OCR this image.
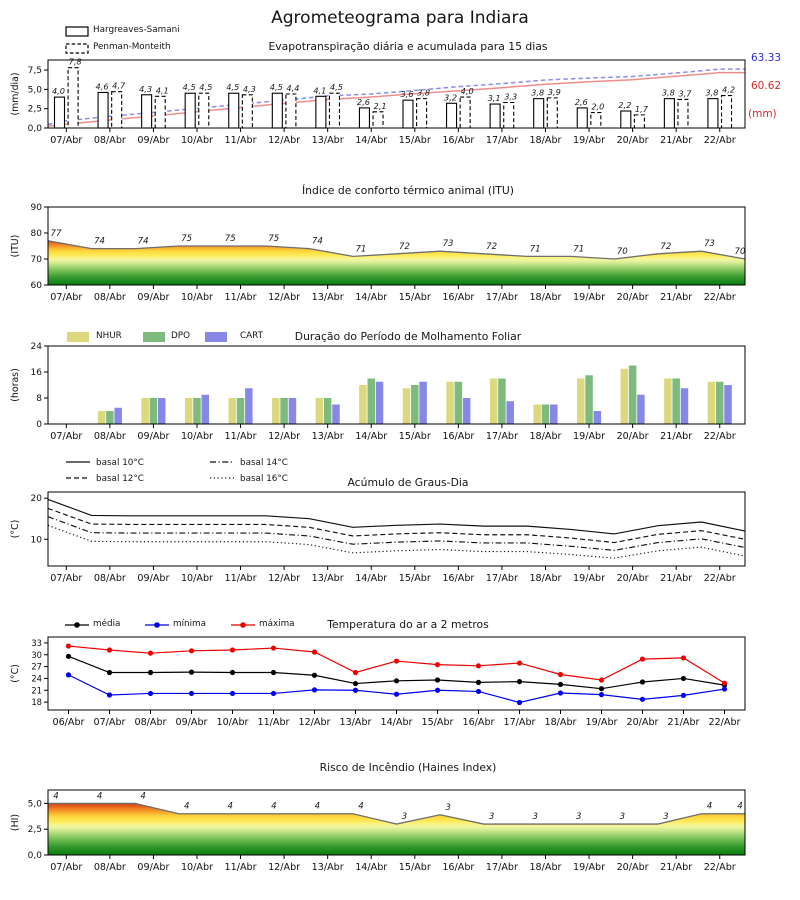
4,0
7,8
4,6 4,7 4,3 4,1 4,5 4,5 4,5 4,3 4,5 4,4 4,1 4,5
2,6 2,1
3,6 3,8 3,2
4,0
3,1 3,3 3,8 3,9
2,6 2,0 2,2 1,7
3,8 3,7 3,8 4,2
0,0
2,5
5,0
7,5
07/Abr 08/Abr 09/Abr 10/Abr 11/Abr 12/Abr 13/Abr 14/Abr 15/Abr 16/Abr 17/Abr 18/Abr 19/Abr 20/Abr 21/Abr 22/Abr
(mm/dia)
77
74	74	75	75	75	74
71	72	73	72	71	71	70
72	73
70
60
70
80
90
07/Abr 08/Abr 09/Abr 10/Abr 11/Abr 12/Abr 13/Abr 14/Abr 15/Abr 16/Abr 17/Abr 18/Abr 19/Abr 20/Abr 21/Abr 22/Abr
(ITU)
0
8
16
24
07/Abr 08/Abr 09/Abr 10/Abr 11/Abr 12/Abr 13/Abr 14/Abr 15/Abr 16/Abr 17/Abr 18/Abr 19/Abr 20/Abr 21/Abr 22/Abr
(horas)
10
20
07/Abr 08/Abr 09/Abr 10/Abr 11/Abr 12/Abr 13/Abr 14/Abr 15/Abr 16/Abr 17/Abr 18/Abr 19/Abr 20/Abr 21/Abr 22/Abr
(°C)
18
21
24
27
30
33
06/Abr 07/Abr 08/Abr 09/Abr 10/Abr 11/Abr 12/Abr 13/Abr 14/Abr 15/Abr 16/Abr 17/Abr 18/Abr 19/Abr 20/Abr 21/Abr 22/Abr
(°C)
4	4	4
4	4	4	4	4
3
3
3	3	3	3	3
4	4
0,0
2,5
5,0
07/Abr 08/Abr 09/Abr 10/Abr 11/Abr 12/Abr 13/Abr 14/Abr 15/Abr 16/Abr 17/Abr 18/Abr 19/Abr 20/Abr 21/Abr 22/Abr
(HI)
Agrometeograma para Indiara
Hargreaves-Samani
Penman-Monteith	Evapotranspiração diária e acumulada para 15 dias
63.33
60.62
(mm)
Índice de conforto térmico animal (ITU)
NHUR	DPO	CART	Duração do Período de Molhamento Foliar
basal 10°C
basal 12°C
basal 14°C
basal 16°C	Acúmulo de Graus-Dia
média	mínima	máxima	Temperatura do ar a 2 metros
Risco de Incêndio (Haines Index)
